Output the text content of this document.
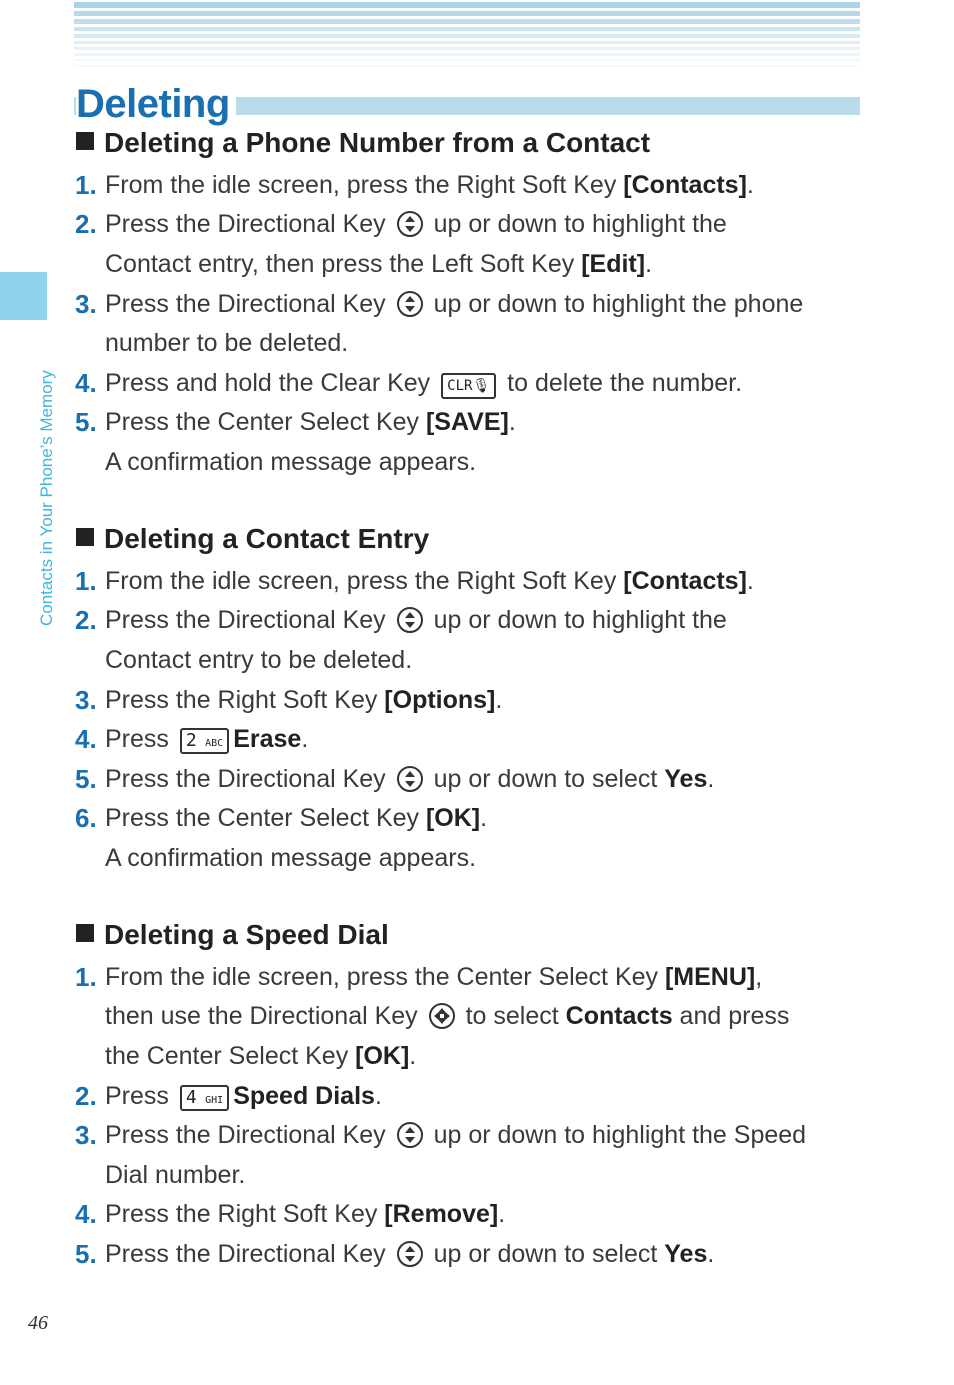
Deleting
Contacts in Your Phone’s Memory
Deleting a Phone Number from a Contact
1. From the idle screen, press the Right Soft Key [Contacts].
2. Press the Directional Key
up or down to highlight the
Contact entry, then press the Left Soft Key [Edit].
3. Press the Directional Key
up or down to highlight the phone
number to be deleted.
4. Press and hold the Clear Key CLR🎙 to delete the number.
5. Press the Center Select Key [SAVE].
A confirmation message appears.
Deleting a Contact Entry
1. From the idle screen, press the Right Soft Key [Contacts].
2. Press the Directional Key
up or down to highlight the
Contact entry to be deleted.
3. Press the Right Soft Key [Options].
4. Press 2 ABC Erase.
5. Press the Directional Key
up or down to select Yes.
6. Press the Center Select Key [OK].
A confirmation message appears.
Deleting a Speed Dial
1. From the idle screen, press the Center Select Key [MENU],
then use the Directional Key
to select Contacts and press
the Center Select Key [OK].
2. Press 4 GHI Speed Dials.
3. Press the Directional Key
up or down to highlight the Speed
Dial number.
4. Press the Right Soft Key [Remove].
5. Press the Directional Key
up or down to select Yes.
46
